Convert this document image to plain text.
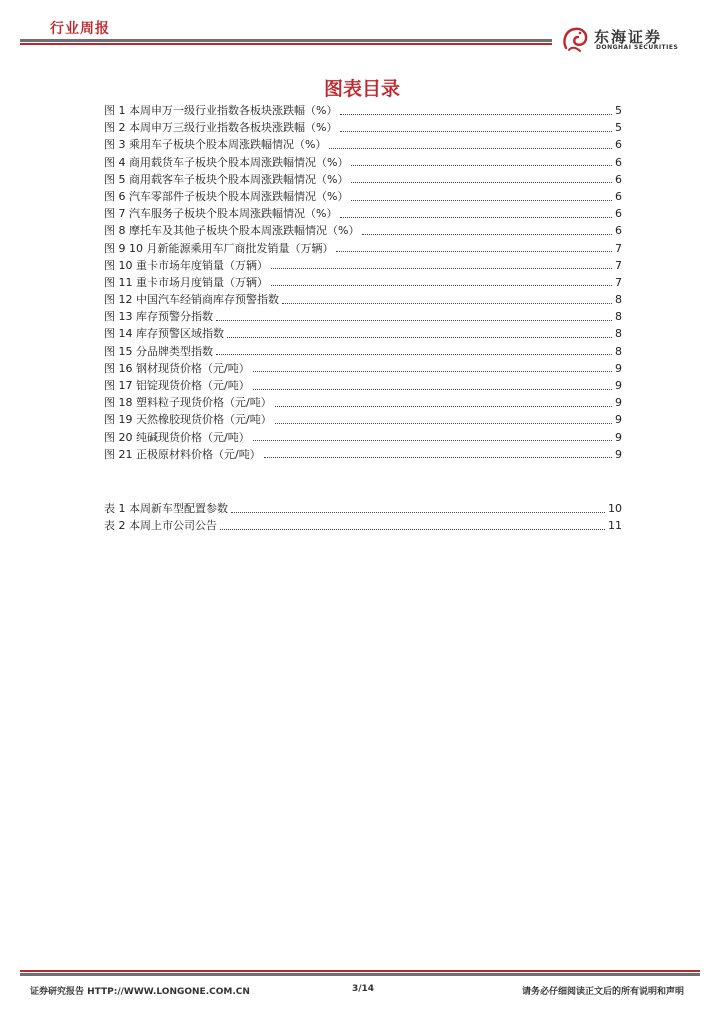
行业周报	东海证券
DONGHAI SECURITIES
图表目录
图 1 本周申万一级行业指数各板块涨跌幅（%）	5
图 2 本周申万三级行业指数各板块涨跌幅（%）	5
图 3 乘用车子板块个股本周涨跌幅情况（%）	6
图 4 商用载货车子板块个股本周涨跌幅情况（%）	6
图 5 商用载客车子板块个股本周涨跌幅情况（%）	6
图 6 汽车零部件子板块个股本周涨跌幅情况（%）	6
图 7 汽车服务子板块个股本周涨跌幅情况（%）	6
图 8 摩托车及其他子板块个股本周涨跌幅情况（%）	6
图 9 10 月新能源乘用车厂商批发销量（万辆）	7
图 10 重卡市场年度销量（万辆）	7
图 11 重卡市场月度销量（万辆）	7
图 12 中国汽车经销商库存预警指数	8
图 13 库存预警分指数	8
图 14 库存预警区域指数	8
图 15 分品牌类型指数	8
图 16 钢材现货价格（元/吨）	9
图 17 铝锭现货价格（元/吨）	9
图 18 塑料粒子现货价格（元/吨）	9
图 19 天然橡胶现货价格（元/吨）	9
图 20 纯碱现货价格（元/吨）	9
图 21 正极原材料价格（元/吨）	9
表 1 本周新车型配置参数	10
表 2 本周上市公司公告	11
证券研究报告 HTTP://WWW.LONGONE.COM.CN	3/14	请务必仔细阅读正文后的所有说明和声明
